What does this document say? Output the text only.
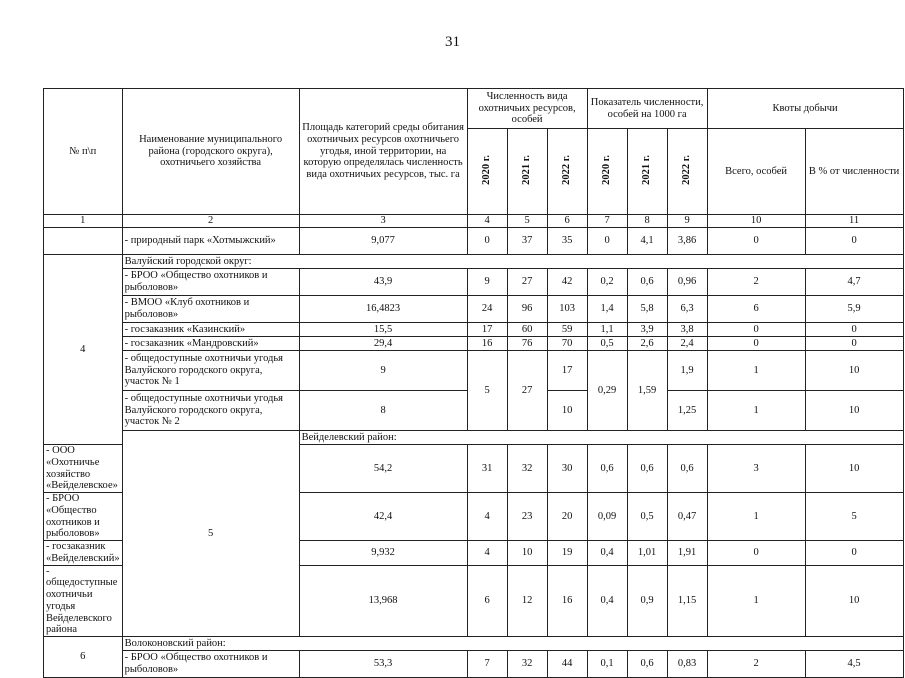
31
№ п\п	Наименование муниципального района (городского округа), охотничьего хозяйства	Площадь категорий среды обитания охотничьих ресурсов охотничьего угодья, иной территории, на которую определялась численность вида охотничьих ресурсов, тыс. га	Численность вида охотничьих ресурсов, особей			Показатель численности, особей на 1000 га			Квоты добычи	
			2020 г.	2021 г.	2022 г.	2020 г.	2021 г.	2022 г.	Всего, особей	В % от численности
1	2	3	4	5	6	7	8	9	10	11
	- природный парк «Хотмыжский»	9,077	0	37	35	0	4,1	3,86	0	0
4	Валуйский городской округ:									
	- БРОО «Общество охотников и рыболовов»	43,9	9	27	42	0,2	0,6	0,96	2	4,7
	- ВМОО «Клуб охотников и рыболовов»	16,4823	24	96	103	1,4	5,8	6,3	6	5,9
	- госзаказник «Казинский»	15,5	17	60	59	1,1	3,9	3,8	0	0
	- госзаказник «Мандровский»	29,4	16	76	70	0,5	2,6	2,4	0	0
	- общедоступные охотничьи угодья Валуйского городского округа, участок № 1	9	5	27	17	0,29	1,59	1,9	1	10
	- общедоступные охотничьи угодья Валуйского городского округа, участок № 2	8			10			1,25	1	10
	5	Вейделевский район:								
- ООО «Охотничье хозяйство «Вейделевское»		54,2	31	32	30	0,6	0,6	0,6	3	10
- БРОО «Общество охотников и рыболовов»		42,4	4	23	20	0,09	0,5	0,47	1	5
- госзаказник «Вейделевский»		9,932	4	10	19	0,4	1,01	1,91	0	0
- общедоступные охотничьи угодья Вейделевского района		13,968	6	12	16	0,4	0,9	1,15	1	10
6	Волоконовский район:									
	- БРОО «Общество охотников и рыболовов»	53,3	7	32	44	0,1	0,6	0,83	2	4,5
